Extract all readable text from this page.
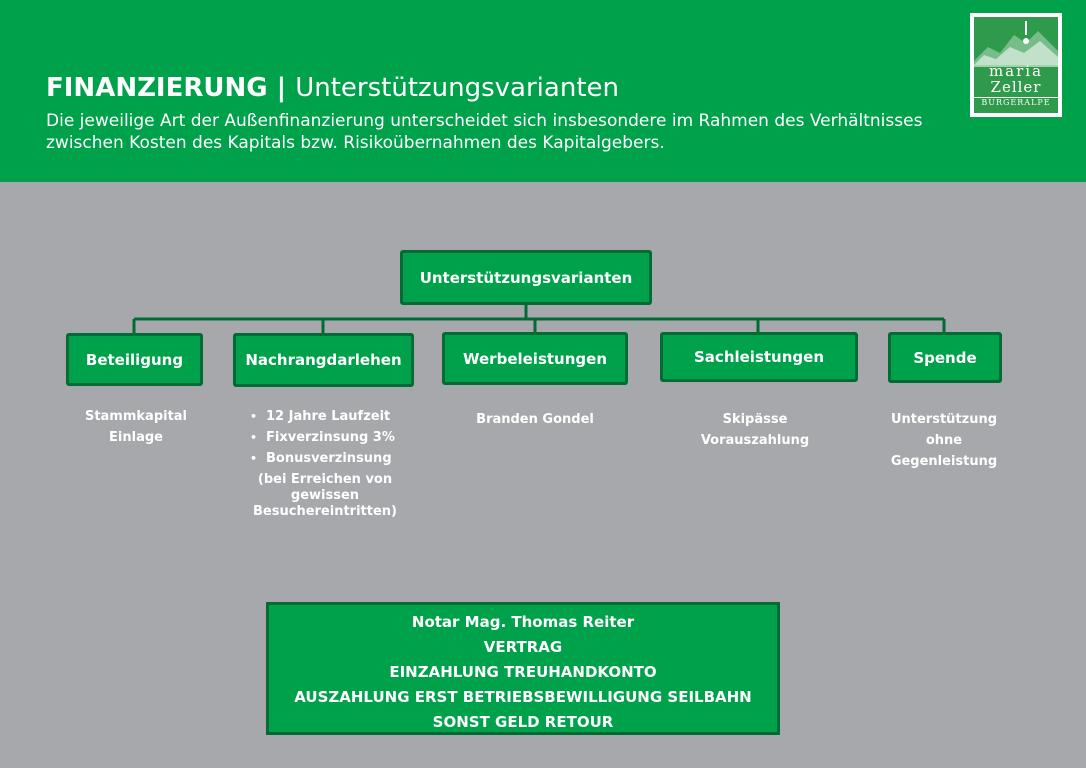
FINANZIERUNG | Unterstützungsvarianten

Die jeweilige Art der Außenfinanzierung unterscheidet sich insbesondere im Rahmen des Verhältnisses zwischen Kosten des Kapitals bzw. Risikoübernahmen des Kapitalgebers.

maria
Zeller
BÜRGERALPE
Unterstützungsvarianten
Beteiligung	Nachrangdarlehen	Werbeleistungen	Sachleistungen	Spende

Stammkapital

Einlage

• 12 Jahre Laufzeit
• Fixverzinsung 3%
• Bonusverzinsung

(bei Erreichen von gewissen Besuchereintritten)

Branden Gondel	Skipässe

Vorauszahlung

Unterstützung

ohne

Gegenleistung

Notar Mag. Thomas Reiter
VERTRAG
EINZAHLUNG TREUHANDKONTO
AUSZAHLUNG ERST BETRIEBSBEWILLIGUNG SEILBAHN
SONST GELD RETOUR
